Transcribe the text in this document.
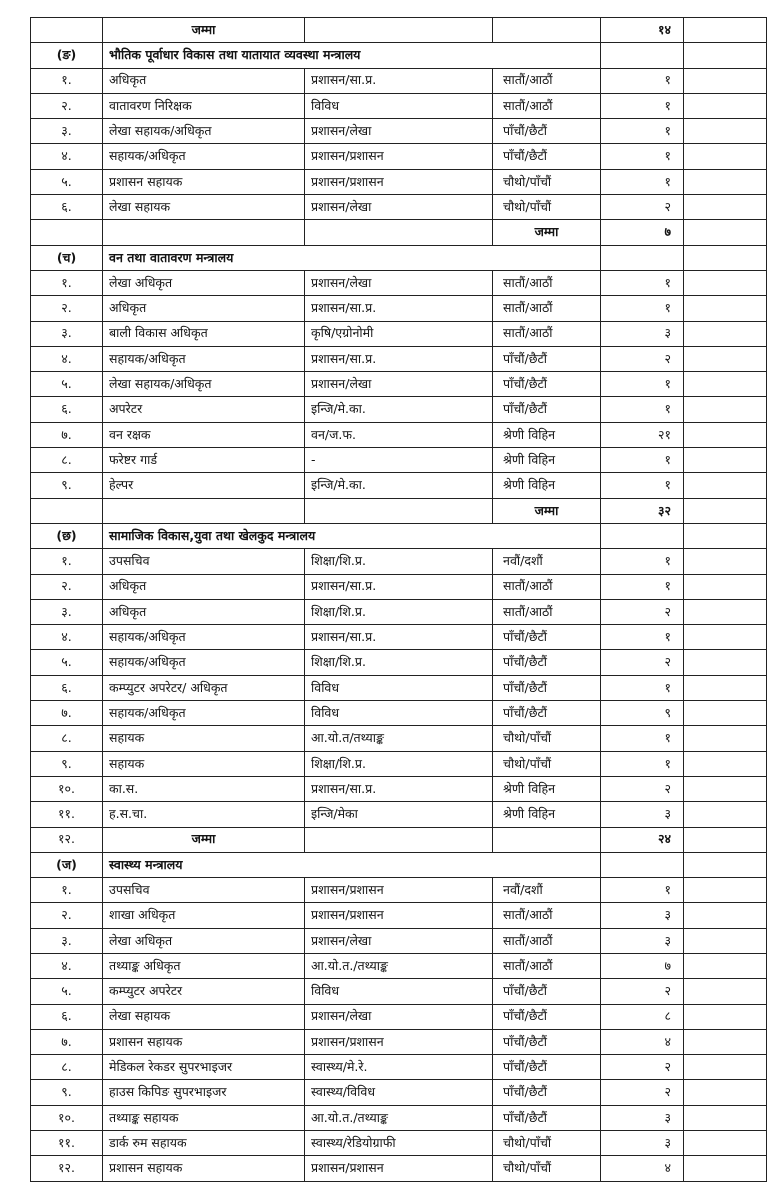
	जम्मा			१४	
(ङ)	भौतिक पूर्वाधार विकास तथा यातायात व्यवस्था मन्त्रालय				
१.	अधिकृत	प्रशासन/सा.प्र.	सातौं/आठौं	१	
२.	वातावरण निरिक्षक	विविध	सातौं/आठौं	१	
३.	लेखा सहायक/अधिकृत	प्रशासन/लेखा	पाँचौं/छैटौं	१	
४.	सहायक/अधिकृत	प्रशासन/प्रशासन	पाँचौं/छैटौं	१	
५.	प्रशासन सहायक	प्रशासन/प्रशासन	चौथो/पाँचौं	१	
६.	लेखा सहायक	प्रशासन/लेखा	चौथो/पाँचौं	२	
			जम्मा	७	
(च)	वन तथा वातावरण मन्त्रालय				
१.	लेखा अधिकृत	प्रशासन/लेखा	सातौं/आठौं	१	
२.	अधिकृत	प्रशासन/सा.प्र.	सातौं/आठौं	१	
३.	बाली विकास अधिकृत	कृषि/एग्रोनोमी	सातौं/आठौं	३	
४.	सहायक/अधिकृत	प्रशासन/सा.प्र.	पाँचौं/छैटौं	२	
५.	लेखा सहायक/अधिकृत	प्रशासन/लेखा	पाँचौं/छैटौं	१	
६.	अपरेटर	इन्जि/मे.का.	पाँचौं/छैटौं	१	
७.	वन रक्षक	वन/ज.फ.	श्रेणी विहिन	२१	
८.	फरेष्टर गार्ड	-	श्रेणी विहिन	१	
९.	हेल्पर	इन्जि/मे.का.	श्रेणी विहिन	१	
			जम्मा	३२	
(छ)	सामाजिक विकास,युवा तथा खेलकुद मन्त्रालय				
१.	उपसचिव	शिक्षा/शि.प्र.	नवौं/दशौं	१	
२.	अधिकृत	प्रशासन/सा.प्र.	सातौं/आठौं	१	
३.	अधिकृत	शिक्षा/शि.प्र.	सातौं/आठौं	२	
४.	सहायक/अधिकृत	प्रशासन/सा.प्र.	पाँचौं/छैटौं	१	
५.	सहायक/अधिकृत	शिक्षा/शि.प्र.	पाँचौं/छैटौं	२	
६.	कम्प्युटर अपरेटर/ अधिकृत	विविध	पाँचौं/छैटौं	१	
७.	सहायक/अधिकृत	विविध	पाँचौं/छैटौं	९	
८.	सहायक	आ.यो.त/तथ्याङ्क	चौथो/पाँचौं	१	
९.	सहायक	शिक्षा/शि.प्र.	चौथो/पाँचौं	१	
१०.	का.स.	प्रशासन/सा.प्र.	श्रेणी विहिन	२	
११.	ह.स.चा.	इन्जि/मेका	श्रेणी विहिन	३	
१२.	जम्मा			२४	
(ज)	स्वास्थ्य मन्त्रालय				
१.	उपसचिव	प्रशासन/प्रशासन	नवौं/दशौं	१	
२.	शाखा अधिकृत	प्रशासन/प्रशासन	सातौं/आठौं	३	
३.	लेखा अधिकृत	प्रशासन/लेखा	सातौं/आठौं	३	
४.	तथ्याङ्क अधिकृत	आ.यो.त./तथ्याङ्क	सातौं/आठौं	७	
५.	कम्प्युटर अपरेटर	विविध	पाँचौं/छैटौं	२	
६.	लेखा सहायक	प्रशासन/लेखा	पाँचौं/छैटौं	८	
७.	प्रशासन सहायक	प्रशासन/प्रशासन	पाँचौं/छैटौं	४	
८.	मेडिकल रेकडर सुपरभाइजर	स्वास्थ्य/मे.रे.	पाँचौं/छैटौं	२	
९.	हाउस किपिङ सुपरभाइजर	स्वास्थ्य/विविध	पाँचौं/छैटौं	२	
१०.	तथ्याङ्क सहायक	आ.यो.त./तथ्याङ्क	पाँचौं/छैटौं	३	
११.	डार्क रुम सहायक	स्वास्थ्य/रेडियोग्राफी	चौथो/पाँचौं	३	
१२.	प्रशासन सहायक	प्रशासन/प्रशासन	चौथो/पाँचौं	४	
